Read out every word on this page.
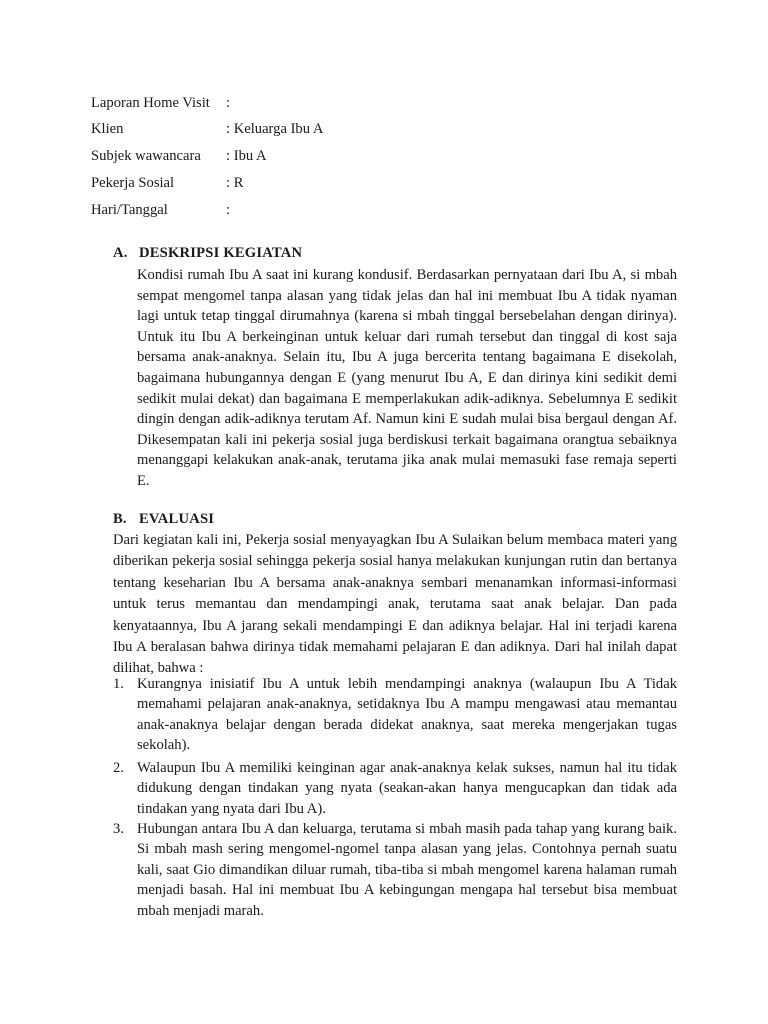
Laporan Home Visit :
Klien	: Keluarga Ibu A
Subjek wawancara : Ibu A
Pekerja Sosial	: R
Hari/Tanggal	:
A. DESKRIPSI KEGIATAN

Kondisi rumah Ibu A saat ini kurang kondusif. Berdasarkan pernyataan dari Ibu A, si mbah sempat mengomel tanpa alasan yang tidak jelas dan hal ini membuat Ibu A tidak nyaman lagi untuk tetap tinggal dirumahnya (karena si mbah tinggal bersebelahan dengan dirinya). Untuk itu Ibu A berkeinginan untuk keluar dari rumah tersebut dan tinggal di kost saja bersama anak-anaknya. Selain itu, Ibu A juga bercerita tentang bagaimana E disekolah, bagaimana hubungannya dengan E (yang menurut Ibu A, E dan dirinya kini sedikit demi sedikit mulai dekat) dan bagaimana E memperlakukan adik-adiknya. Sebelumnya E sedikit dingin dengan adik-adiknya terutam Af. Namun kini E sudah mulai bisa bergaul dengan Af. Dikesempatan kali ini pekerja sosial juga berdiskusi terkait bagaimana orangtua sebaiknya menanggapi kelakukan anak-anak, terutama jika anak mulai memasuki fase remaja seperti E.

B. EVALUASI

Dari kegiatan kali ini, Pekerja sosial menyayagkan Ibu A Sulaikan belum membaca materi yang diberikan pekerja sosial sehingga pekerja sosial hanya melakukan kunjungan rutin dan bertanya tentang keseharian Ibu A bersama anak-anaknya sembari menanamkan informasi-informasi untuk terus memantau dan mendampingi anak, terutama saat anak belajar. Dan pada kenyataannya, Ibu A jarang sekali mendampingi E dan adiknya belajar. Hal ini terjadi karena Ibu A beralasan bahwa dirinya tidak memahami pelajaran E dan adiknya. Dari hal inilah dapat dilihat, bahwa :

1. Kurangnya inisiatif Ibu A untuk lebih mendampingi anaknya (walaupun Ibu A Tidak memahami pelajaran anak-anaknya, setidaknya Ibu A mampu mengawasi atau memantau anak-anaknya belajar dengan berada didekat anaknya, saat mereka mengerjakan tugas sekolah).

2. Walaupun Ibu A memiliki keinginan agar anak-anaknya kelak sukses, namun hal itu tidak didukung dengan tindakan yang nyata (seakan-akan hanya mengucapkan dan tidak ada tindakan yang nyata dari Ibu A).

3. Hubungan antara Ibu A dan keluarga, terutama si mbah masih pada tahap yang kurang baik. Si mbah mash sering mengomel-ngomel tanpa alasan yang jelas. Contohnya pernah suatu kali, saat Gio dimandikan diluar rumah, tiba-tiba si mbah mengomel karena halaman rumah menjadi basah. Hal ini membuat Ibu A kebingungan mengapa hal tersebut bisa membuat mbah menjadi marah.
